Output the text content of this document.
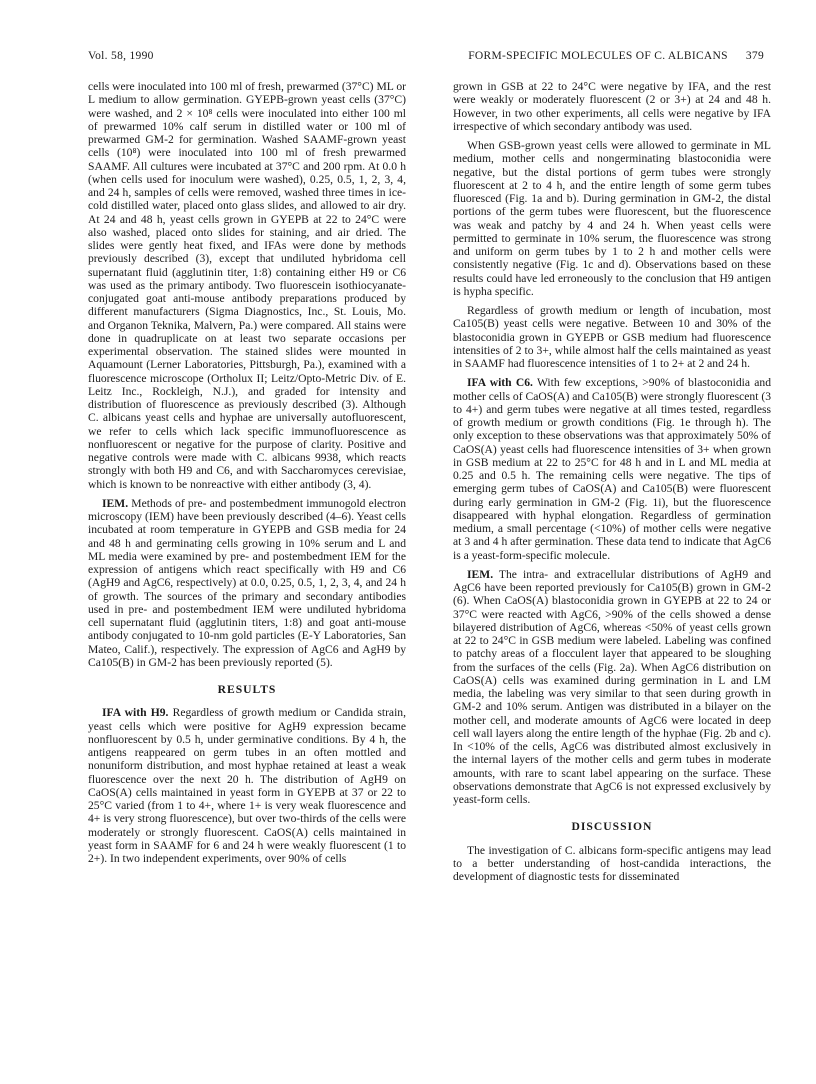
Vol. 58, 1990	FORM-SPECIFIC MOLECULES OF C. ALBICANS 379

cells were inoculated into 100 ml of fresh, prewarmed (37°C) ML or L medium to allow germination. GYEPB-grown yeast cells (37°C) were washed, and 2 × 10⁸ cells were inoculated into either 100 ml of prewarmed 10% calf serum in distilled water or 100 ml of prewarmed GM-2 for germination. Washed SAAMF-grown yeast cells (10⁸) were inoculated into 100 ml of fresh prewarmed SAAMF. All cultures were incubated at 37°C and 200 rpm. At 0.0 h (when cells used for inoculum were washed), 0.25, 0.5, 1, 2, 3, 4, and 24 h, samples of cells were removed, washed three times in ice-cold distilled water, placed onto glass slides, and allowed to air dry. At 24 and 48 h, yeast cells grown in GYEPB at 22 to 24°C were also washed, placed onto slides for staining, and air dried. The slides were gently heat fixed, and IFAs were done by methods previously described (3), except that undiluted hybridoma cell supernatant fluid (agglutinin titer, 1:8) containing either H9 or C6 was used as the primary antibody. Two fluorescein isothiocyanate-conjugated goat anti-mouse antibody preparations produced by different manufacturers (Sigma Diagnostics, Inc., St. Louis, Mo. and Organon Teknika, Malvern, Pa.) were compared. All stains were done in quadruplicate on at least two separate occasions per experimental observation. The stained slides were mounted in Aquamount (Lerner Laboratories, Pittsburgh, Pa.), examined with a fluorescence microscope (Ortholux II; Leitz/Opto-Metric Div. of E. Leitz Inc., Rockleigh, N.J.), and graded for intensity and distribution of fluorescence as previously described (3). Although C. albicans yeast cells and hyphae are universally autofluorescent, we refer to cells which lack specific immunofluorescence as nonfluorescent or negative for the purpose of clarity. Positive and negative controls were made with C. albicans 9938, which reacts strongly with both H9 and C6, and with Saccharomyces cerevisiae, which is known to be nonreactive with either antibody (3, 4).

IEM. Methods of pre- and postembedment immunogold electron microscopy (IEM) have been previously described (4–6). Yeast cells incubated at room temperature in GYEPB and GSB media for 24 and 48 h and germinating cells growing in 10% serum and L and ML media were examined by pre- and postembedment IEM for the expression of antigens which react specifically with H9 and C6 (AgH9 and AgC6, respectively) at 0.0, 0.25, 0.5, 1, 2, 3, 4, and 24 h of growth. The sources of the primary and secondary antibodies used in pre- and postembedment IEM were undiluted hybridoma cell supernatant fluid (agglutinin titers, 1:8) and goat anti-mouse antibody conjugated to 10-nm gold particles (E-Y Laboratories, San Mateo, Calif.), respectively. The expression of AgC6 and AgH9 by Ca105(B) in GM-2 has been previously reported (5).

RESULTS

IFA with H9. Regardless of growth medium or Candida strain, yeast cells which were positive for AgH9 expression became nonfluorescent by 0.5 h, under germinative conditions. By 4 h, the antigens reappeared on germ tubes in an often mottled and nonuniform distribution, and most hyphae retained at least a weak fluorescence over the next 20 h. The distribution of AgH9 on CaOS(A) cells maintained in yeast form in GYEPB at 37 or 22 to 25°C varied (from 1 to 4+, where 1+ is very weak fluorescence and 4+ is very strong fluorescence), but over two-thirds of the cells were moderately or strongly fluorescent. CaOS(A) cells maintained in yeast form in SAAMF for 6 and 24 h were weakly fluorescent (1 to 2+). In two independent experiments, over 90% of cells

grown in GSB at 22 to 24°C were negative by IFA, and the rest were weakly or moderately fluorescent (2 or 3+) at 24 and 48 h. However, in two other experiments, all cells were negative by IFA irrespective of which secondary antibody was used.

When GSB-grown yeast cells were allowed to germinate in ML medium, mother cells and nongerminating blastoconidia were negative, but the distal portions of germ tubes were strongly fluorescent at 2 to 4 h, and the entire length of some germ tubes fluoresced (Fig. 1a and b). During germination in GM-2, the distal portions of the germ tubes were fluorescent, but the fluorescence was weak and patchy by 4 and 24 h. When yeast cells were permitted to germinate in 10% serum, the fluorescence was strong and uniform on germ tubes by 1 to 2 h and mother cells were consistently negative (Fig. 1c and d). Observations based on these results could have led erroneously to the conclusion that H9 antigen is hypha specific.

Regardless of growth medium or length of incubation, most Ca105(B) yeast cells were negative. Between 10 and 30% of the blastoconidia grown in GYEPB or GSB medium had fluorescence intensities of 2 to 3+, while almost half the cells maintained as yeast in SAAMF had fluorescence intensities of 1 to 2+ at 2 and 24 h.

IFA with C6. With few exceptions, >90% of blastoconidia and mother cells of CaOS(A) and Ca105(B) were strongly fluorescent (3 to 4+) and germ tubes were negative at all times tested, regardless of growth medium or growth conditions (Fig. 1e through h). The only exception to these observations was that approximately 50% of CaOS(A) yeast cells had fluorescence intensities of 3+ when grown in GSB medium at 22 to 25°C for 48 h and in L and ML media at 0.25 and 0.5 h. The remaining cells were negative. The tips of emerging germ tubes of CaOS(A) and Ca105(B) were fluorescent during early germination in GM-2 (Fig. 1i), but the fluorescence disappeared with hyphal elongation. Regardless of germination medium, a small percentage (<10%) of mother cells were negative at 3 and 4 h after germination. These data tend to indicate that AgC6 is a yeast-form-specific molecule.

IEM. The intra- and extracellular distributions of AgH9 and AgC6 have been reported previously for Ca105(B) grown in GM-2 (6). When CaOS(A) blastoconidia grown in GYEPB at 22 to 24 or 37°C were reacted with AgC6, >90% of the cells showed a dense bilayered distribution of AgC6, whereas <50% of yeast cells grown at 22 to 24°C in GSB medium were labeled. Labeling was confined to patchy areas of a flocculent layer that appeared to be sloughing from the surfaces of the cells (Fig. 2a). When AgC6 distribution on CaOS(A) cells was examined during germination in L and LM media, the labeling was very similar to that seen during growth in GM-2 and 10% serum. Antigen was distributed in a bilayer on the mother cell, and moderate amounts of AgC6 were located in deep cell wall layers along the entire length of the hyphae (Fig. 2b and c). In <10% of the cells, AgC6 was distributed almost exclusively in the internal layers of the mother cells and germ tubes in moderate amounts, with rare to scant label appearing on the surface. These observations demonstrate that AgC6 is not expressed exclusively by yeast-form cells.

DISCUSSION

The investigation of C. albicans form-specific antigens may lead to a better understanding of host-candida interactions, the development of diagnostic tests for disseminated
